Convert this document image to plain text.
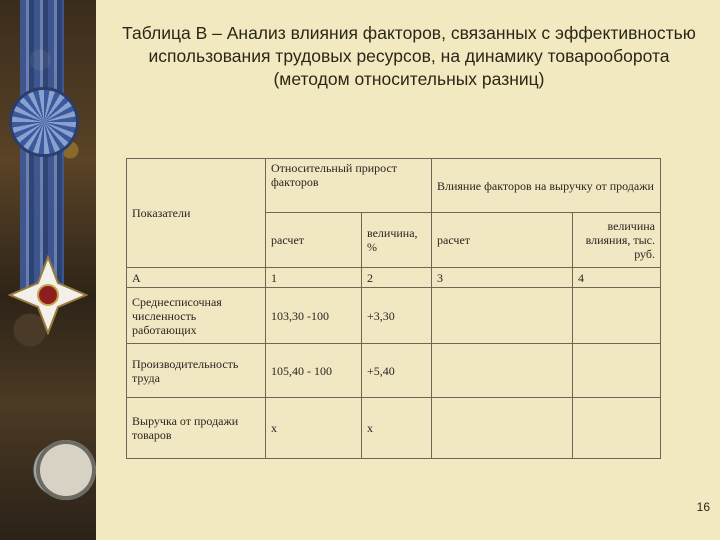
Таблица В – Анализ влияния факторов, связанных с эффективностью использования трудовых ресурсов, на динамику товарооборота (методом относительных разниц)
Показатели	Относительный прирост факторов		Влияние факторов на выручку от продажи	
	расчет	величина, %	расчет	величина влияния, тыс. руб.
А	1	2	3	4
Среднесписочная численность работающих	103,30 -100	+3,30		
Производительность труда	105,40 - 100	+5,40		
Выручка от продажи товаров	х	х		
16
